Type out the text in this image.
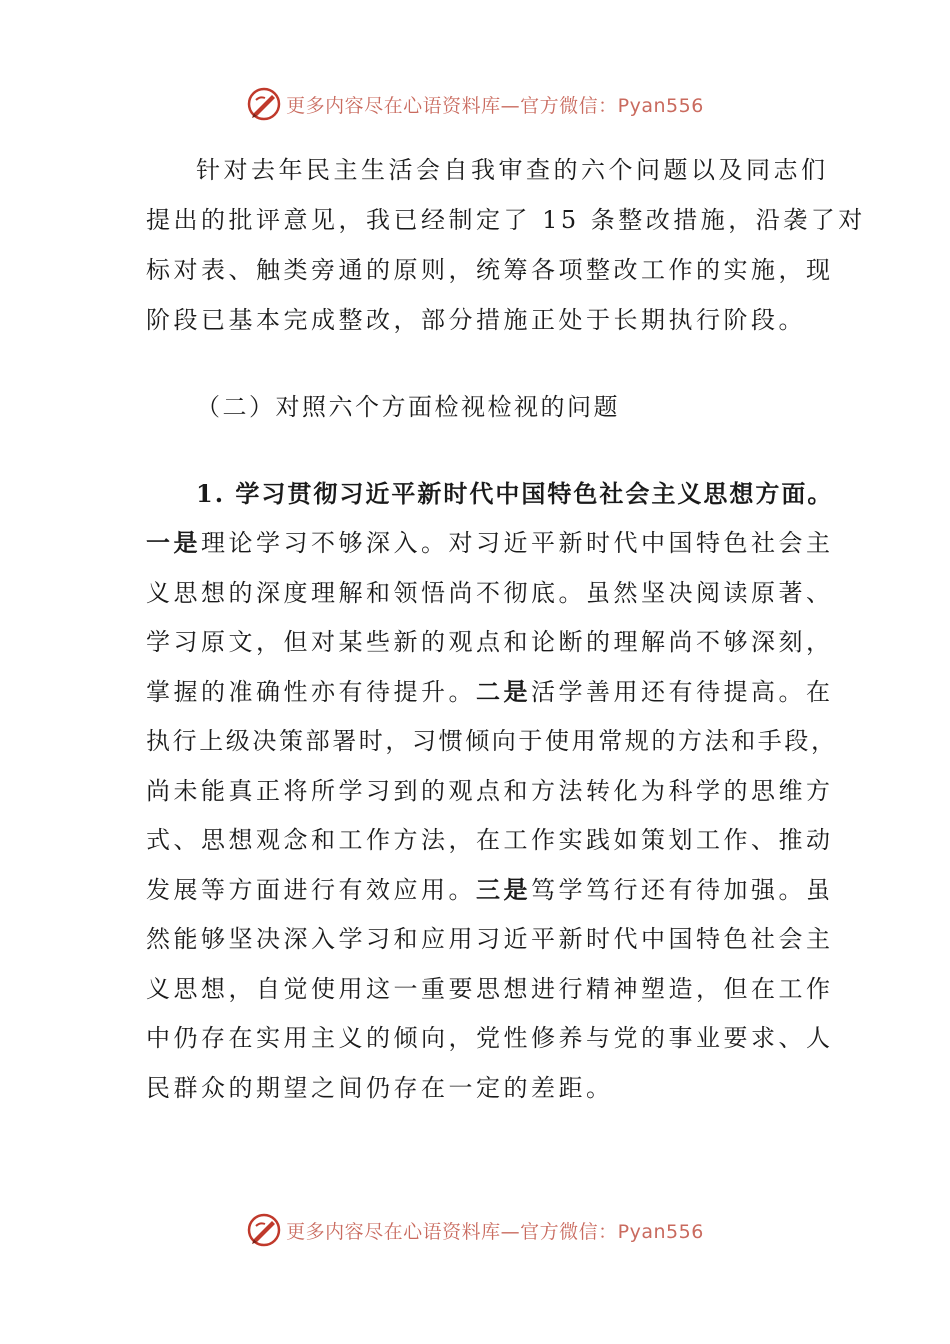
更多内容尽在心语资料库—官方微信：Pyan556
针对去年民主生活会自我审查的六个问题以及同志们
提出的批评意见，我已经制定了 15 条整改措施，沿袭了对
标对表、触类旁通的原则，统筹各项整改工作的实施，现
阶段已基本完成整改，部分措施正处于长期执行阶段。
（二）对照六个方面检视检视的问题
1. 学习贯彻习近平新时代中国特色社会主义思想方面。
一是理论学习不够深入。对习近平新时代中国特色社会主
义思想的深度理解和领悟尚不彻底。虽然坚决阅读原著、
学习原文，但对某些新的观点和论断的理解尚不够深刻，
掌握的准确性亦有待提升。二是活学善用还有待提高。在
执行上级决策部署时，习惯倾向于使用常规的方法和手段，
尚未能真正将所学习到的观点和方法转化为科学的思维方
式、思想观念和工作方法，在工作实践如策划工作、推动
发展等方面进行有效应用。三是笃学笃行还有待加强。虽
然能够坚决深入学习和应用习近平新时代中国特色社会主
义思想，自觉使用这一重要思想进行精神塑造，但在工作
中仍存在实用主义的倾向，党性修养与党的事业要求、人
民群众的期望之间仍存在一定的差距。
更多内容尽在心语资料库—官方微信：Pyan556
